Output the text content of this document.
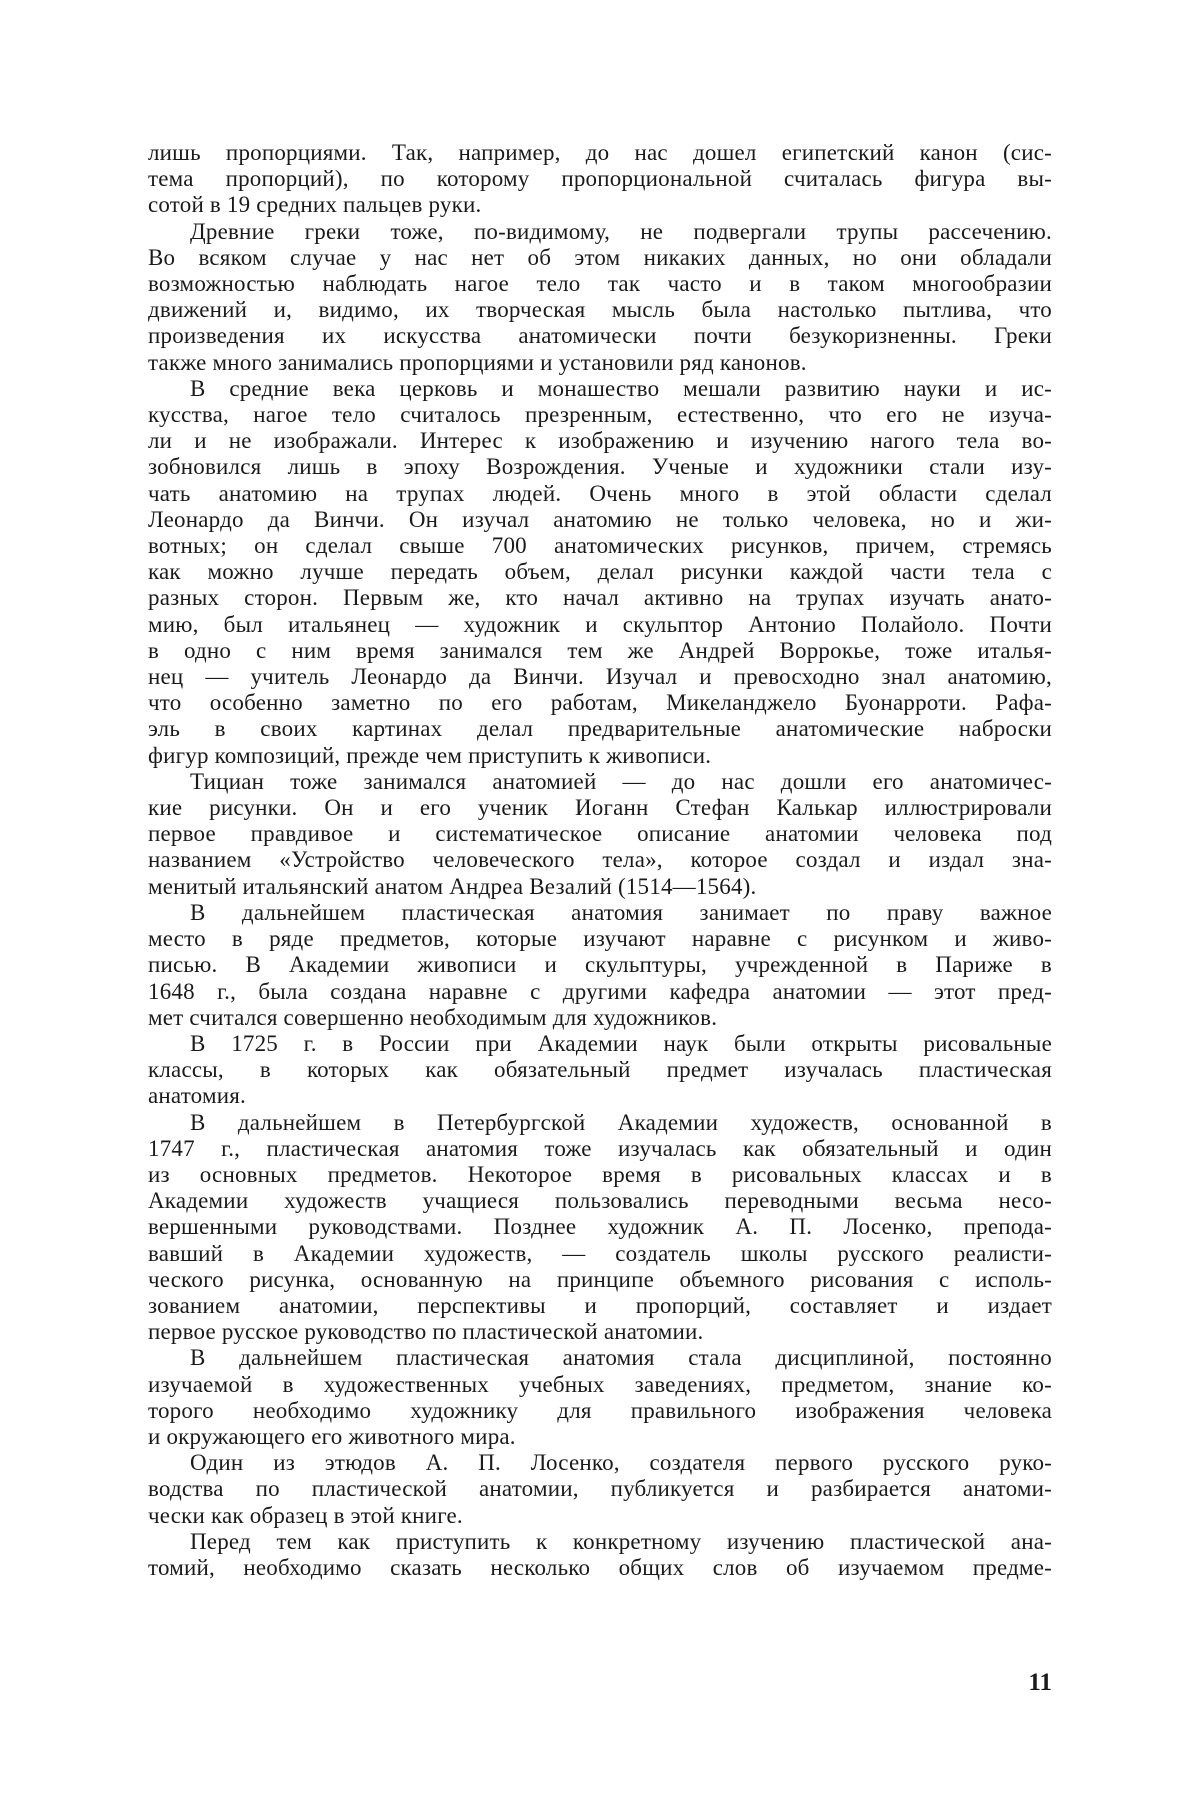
лишь пропорциями. Так, например, до нас дошел египетский канон (сис-
тема пропорций), по которому пропорциональной считалась фигура вы-
сотой в 19 средних пальцев руки.
Древние греки тоже, по-видимому, не подвергали трупы рассечению.
Во всяком случае у нас нет об этом никаких данных, но они обладали
возможностью наблюдать нагое тело так часто и в таком многообразии
движений и, видимо, их творческая мысль была настолько пытлива, что
произведения их искусства анатомически почти безукоризненны. Греки
также много занимались пропорциями и установили ряд канонов.
В средние века церковь и монашество мешали развитию науки и ис-
кусства, нагое тело считалось презренным, естественно, что его не изуча-
ли и не изображали. Интерес к изображению и изучению нагого тела во-
зобновился лишь в эпоху Возрождения. Ученые и художники стали изу-
чать анатомию на трупах людей. Очень много в этой области сделал
Леонардо да Винчи. Он изучал анатомию не только человека, но и жи-
вотных; он сделал свыше 700 анатомических рисунков, причем, стремясь
как можно лучше передать объем, делал рисунки каждой части тела с
разных сторон. Первым же, кто начал активно на трупах изучать анато-
мию, был итальянец — художник и скульптор Антонио Полайоло. Почти
в одно с ним время занимался тем же Андрей Воррокье, тоже италья-
нец — учитель Леонардо да Винчи. Изучал и превосходно знал анатомию,
что особенно заметно по его работам, Микеланджело Буонарроти. Рафа-
эль в своих картинах делал предварительные анатомические наброски
фигур композиций, прежде чем приступить к живописи.
Тициан тоже занимался анатомией — до нас дошли его анатомичес-
кие рисунки. Он и его ученик Иоганн Стефан Калькар иллюстрировали
первое правдивое и систематическое описание анатомии человека под
названием «Устройство человеческого тела», которое создал и издал зна-
менитый итальянский анатом Андреа Везалий (1514—1564).
В дальнейшем пластическая анатомия занимает по праву важное
место в ряде предметов, которые изучают наравне с рисунком и живо-
писью. В Академии живописи и скульптуры, учрежденной в Париже в
1648 г., была создана наравне с другими кафедра анатомии — этот пред-
мет считался совершенно необходимым для художников.
В 1725 г. в России при Академии наук были открыты рисовальные
классы, в которых как обязательный предмет изучалась пластическая
анатомия.
В дальнейшем в Петербургской Академии художеств, основанной в
1747 г., пластическая анатомия тоже изучалась как обязательный и один
из основных предметов. Некоторое время в рисовальных классах и в
Академии художеств учащиеся пользовались переводными весьма несо-
вершенными руководствами. Позднее художник А. П. Лосенко, препода-
вавший в Академии художеств, — создатель школы русского реалисти-
ческого рисунка, основанную на принципе объемного рисования с исполь-
зованием анатомии, перспективы и пропорций, составляет и издает
первое русское руководство по пластической анатомии.
В дальнейшем пластическая анатомия стала дисциплиной, постоянно
изучаемой в художественных учебных заведениях, предметом, знание ко-
торого необходимо художнику для правильного изображения человека
и окружающего его животного мира.
Один из этюдов А. П. Лосенко, создателя первого русского руко-
водства по пластической анатомии, публикуется и разбирается анатоми-
чески как образец в этой книге.
Перед тем как приступить к конкретному изучению пластической ана-
томий, необходимо сказать несколько общих слов об изучаемом предме-
11
